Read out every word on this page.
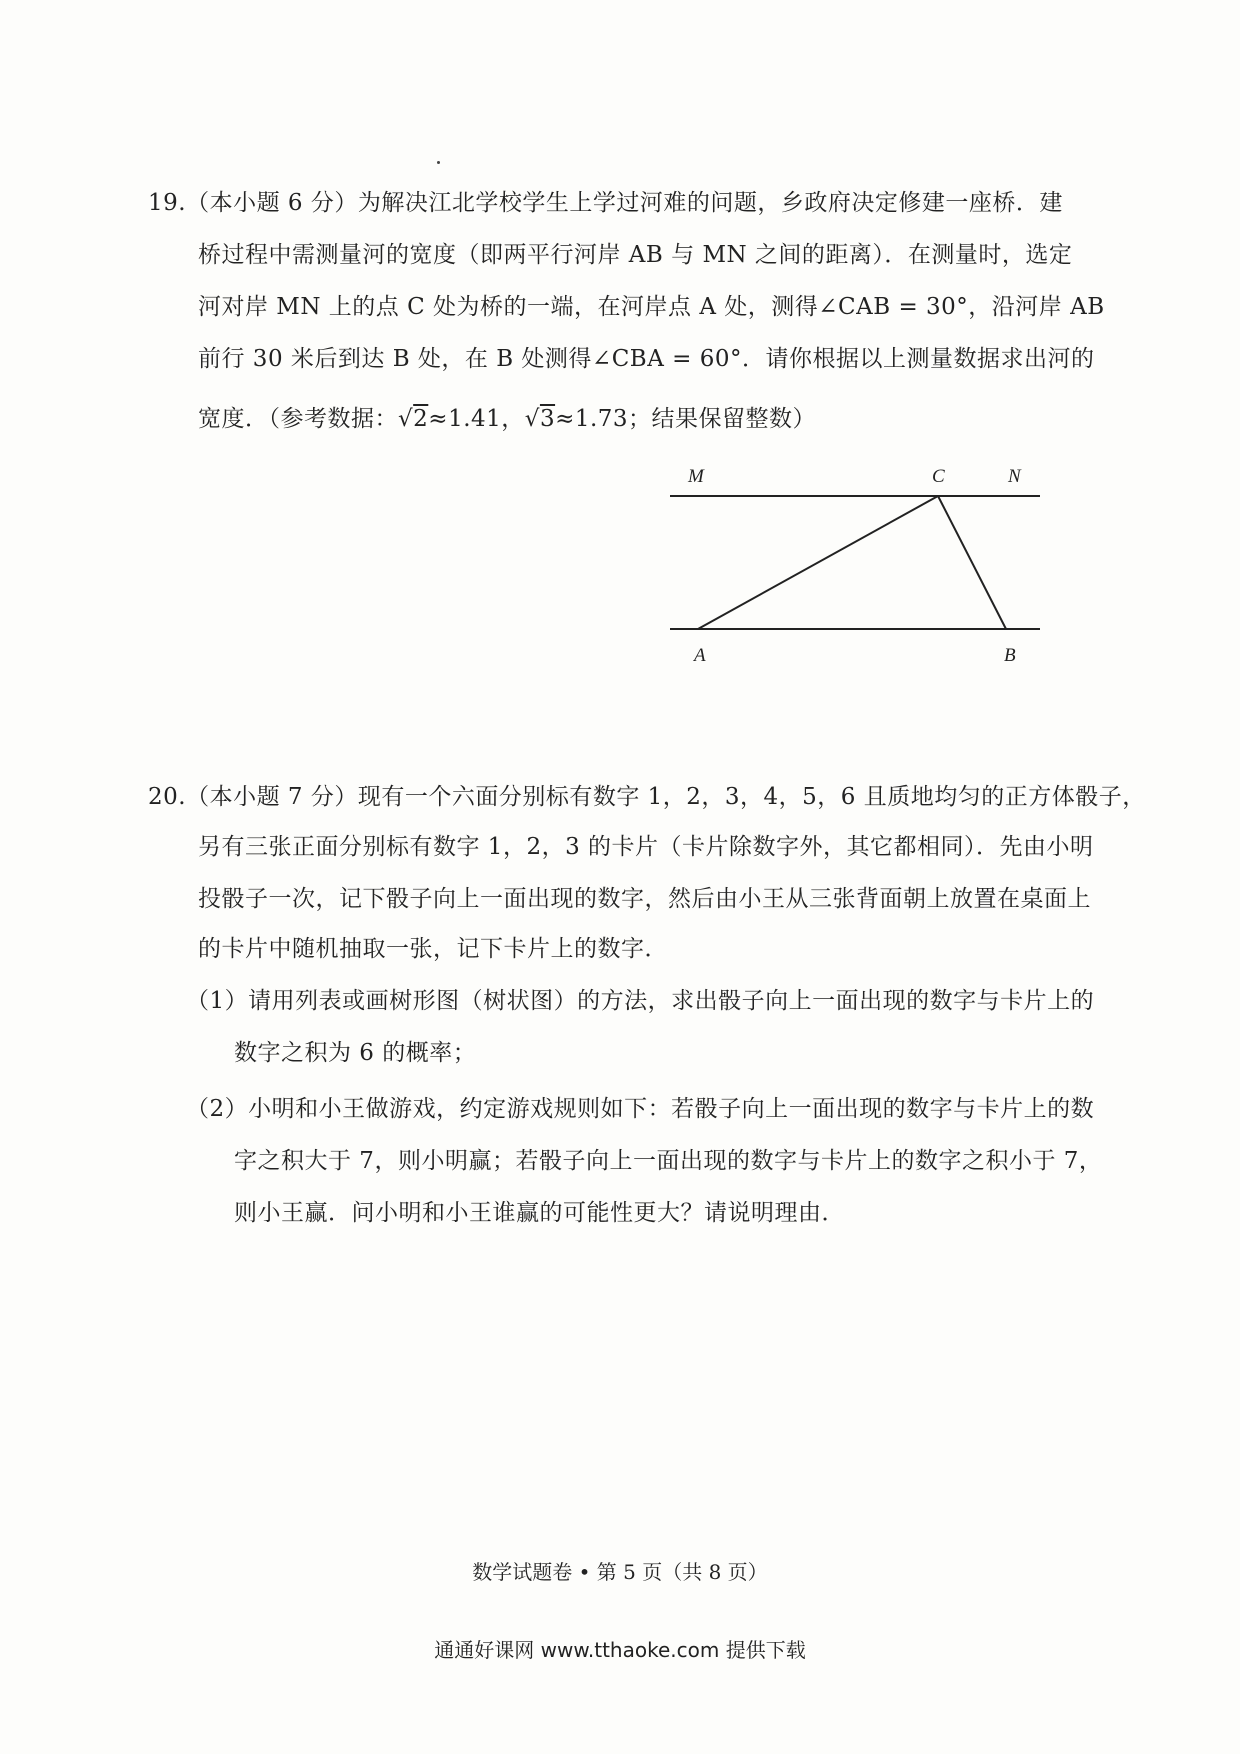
19.（本小题 6 分）为解决江北学校学生上学过河难的问题，乡政府决定修建一座桥．建
桥过程中需测量河的宽度（即两平行河岸 AB 与 MN 之间的距离）．在测量时，选定
河对岸 MN 上的点 C 处为桥的一端，在河岸点 A 处，测得∠CAB = 30°，沿河岸 AB
前行 30 米后到达 B 处，在 B 处测得∠CBA = 60°．请你根据以上测量数据求出河的
宽度．（参考数据：√2≈1.41，√3≈1.73；结果保留整数）
M	C	N
A	B
20.（本小题 7 分）现有一个六面分别标有数字 1，2，3，4，5，6 且质地均匀的正方体骰子，
另有三张正面分别标有数字 1，2，3 的卡片（卡片除数字外，其它都相同）．先由小明
投骰子一次，记下骰子向上一面出现的数字，然后由小王从三张背面朝上放置在桌面上
的卡片中随机抽取一张，记下卡片上的数字．
（1）请用列表或画树形图（树状图）的方法，求出骰子向上一面出现的数字与卡片上的
数字之积为 6 的概率；
（2）小明和小王做游戏，约定游戏规则如下：若骰子向上一面出现的数字与卡片上的数
字之积大于 7，则小明赢；若骰子向上一面出现的数字与卡片上的数字之积小于 7，
则小王赢．问小明和小王谁赢的可能性更大？请说明理由．
数学试题卷 • 第 5 页（共 8 页）
通通好课网 www.tthaoke.com 提供下载
